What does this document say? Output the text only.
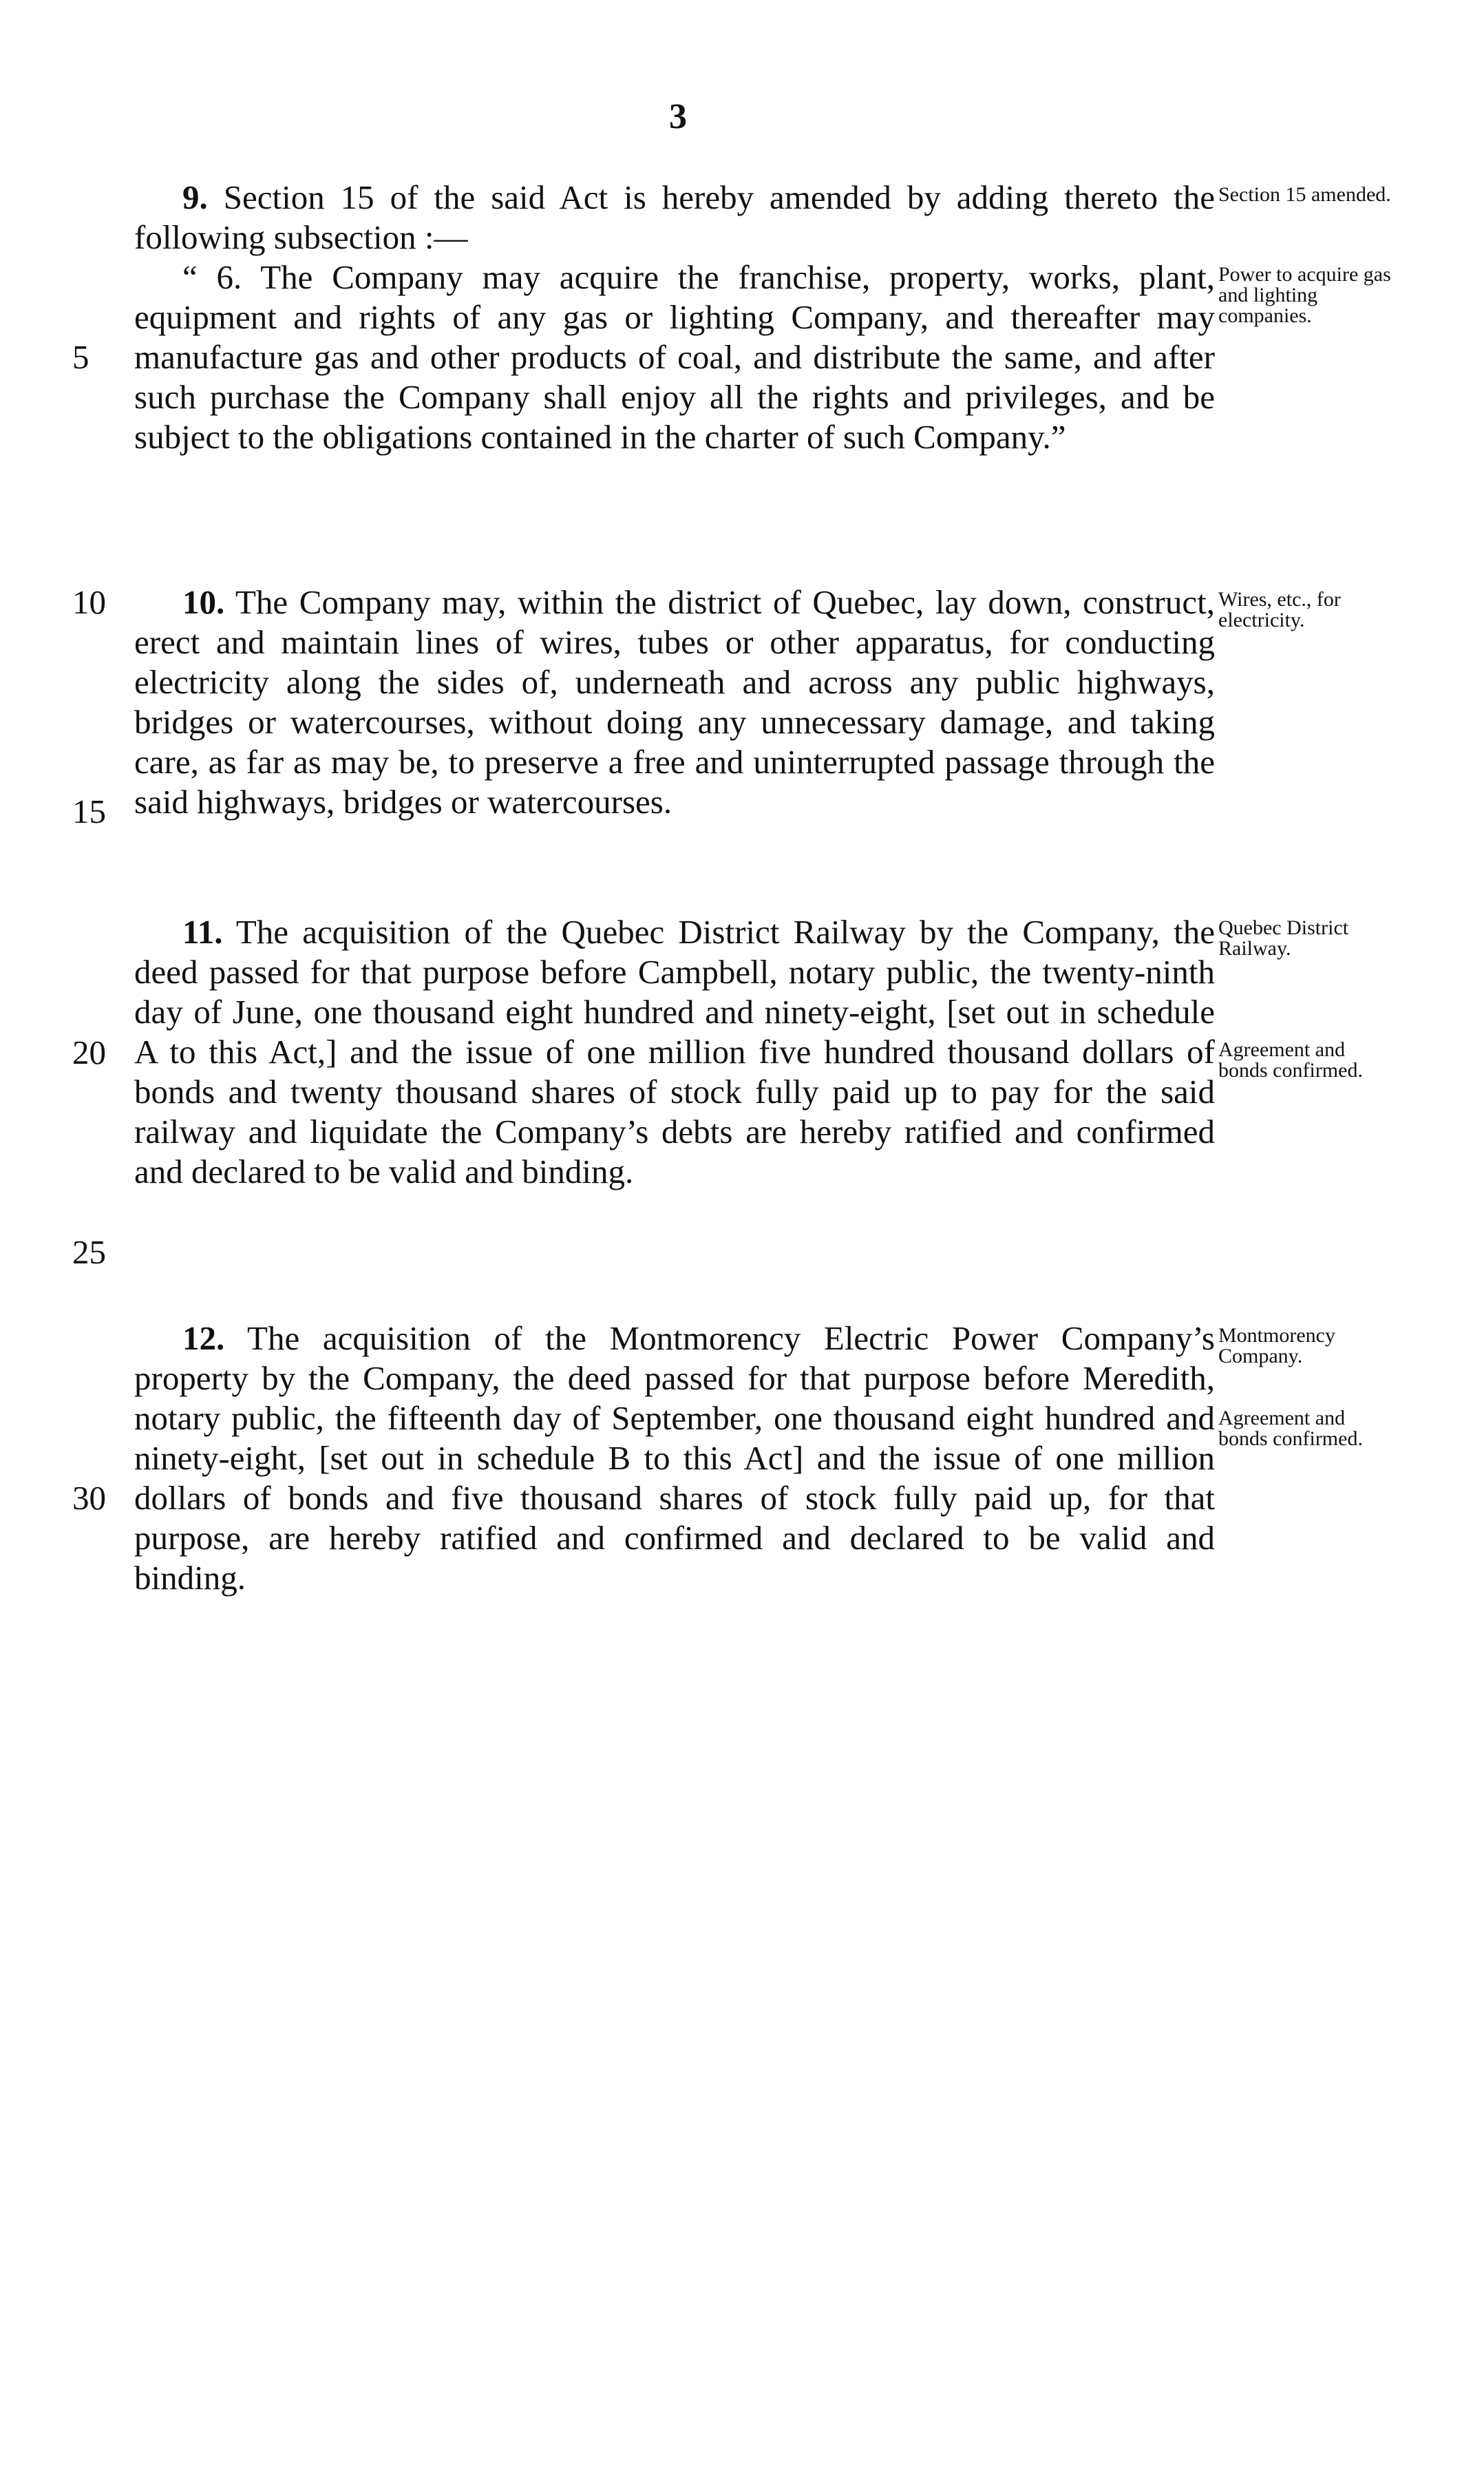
3

9. Section 15 of the said Act is hereby amended by adding thereto the following subsection :—

“ 6. The Company may acquire the franchise, property, works, plant, equipment and rights of any gas or lighting Company, and thereafter may manufacture gas and other products of coal, and distribute the same, and after such purchase the Company shall enjoy all the rights and privileges, and be subject to the obligations contained in the charter of such Company.”

10. The Company may, within the district of Quebec, lay down, construct, erect and maintain lines of wires, tubes or other apparatus, for conducting electricity along the sides of, underneath and across any public highways, bridges or watercourses, without doing any unnecessary damage, and taking care, as far as may be, to preserve a free and uninterrupted passage through the said highways, bridges or watercourses.

11. The acquisition of the Quebec District Railway by the Company, the deed passed for that purpose before Campbell, notary public, the twenty-ninth day of June, one thousand eight hundred and ninety-eight, [set out in schedule A to this Act,] and the issue of one million five hundred thousand dollars of bonds and twenty thousand shares of stock fully paid up to pay for the said railway and liquidate the Company’s debts are hereby ratified and confirmed and declared to be valid and binding.

12. The acquisition of the Montmorency Electric Power Company’s property by the Company, the deed passed for that purpose before Meredith, notary public, the fifteenth day of September, one thousand eight hundred and ninety-eight, [set out in schedule B to this Act] and the issue of one million dollars of bonds and five thousand shares of stock fully paid up, for that purpose, are hereby ratified and confirmed and declared to be valid and binding.

5
10
15
20
25
30
Section 15 amended.
Power to acquire gas and lighting companies.
Wires, etc., for electricity.
Quebec District Railway.
Agreement and bonds confirmed.
Montmorency Company.
Agreement and bonds confirmed.
